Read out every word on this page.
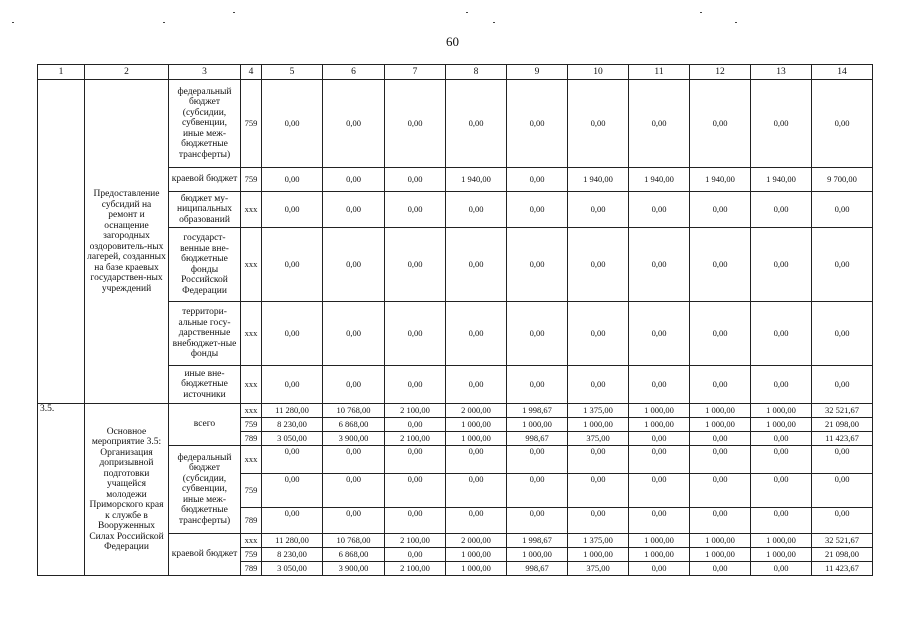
60
1	2	3	4	5	6	7	8	9	10	11	12	13	14
	Предоставление субсидий на ремонт и оснащение загородных оздоровитель-ных лагерей, созданных на базе краевых государствен-ных учреждений	федеральный бюджет (субсидии, субвенции, иные меж-бюджетные трансферты)	759	0,00	0,00	0,00	0,00	0,00	0,00	0,00	0,00	0,00	0,00
		краевой бюджет	759	0,00	0,00	0,00	1 940,00	0,00	1 940,00	1 940,00	1 940,00	1 940,00	9 700,00
		бюджет му-ниципальных образований	xxx	0,00	0,00	0,00	0,00	0,00	0,00	0,00	0,00	0,00	0,00
		государст-венные вне-бюджетные фонды Российской Федерации	xxx	0,00	0,00	0,00	0,00	0,00	0,00	0,00	0,00	0,00	0,00
		территори-альные госу-дарственные внебюджет-ные фонды	xxx	0,00	0,00	0,00	0,00	0,00	0,00	0,00	0,00	0,00	0,00
		иные вне-бюджетные источники	xxx	0,00	0,00	0,00	0,00	0,00	0,00	0,00	0,00	0,00	0,00
3.5.	Основное мероприятие 3.5: Организация допризывной подготовки учащейся молодежи Приморского края к службе в Вооруженных Силах Российской Федерации	всего	xxx	11 280,00	10 768,00	2 100,00	2 000,00	1 998,67	1 375,00	1 000,00	1 000,00	1 000,00	32 521,67
			759	8 230,00	6 868,00	0,00	1 000,00	1 000,00	1 000,00	1 000,00	1 000,00	1 000,00	21 098,00
			789	3 050,00	3 900,00	2 100,00	1 000,00	998,67	375,00	0,00	0,00	0,00	11 423,67
		федеральный бюджет (субсидии, субвенции, иные меж-бюджетные трансферты)	xxx	0,00	0,00	0,00	0,00	0,00	0,00	0,00	0,00	0,00	0,00
			759	0,00	0,00	0,00	0,00	0,00	0,00	0,00	0,00	0,00	0,00
			789	0,00	0,00	0,00	0,00	0,00	0,00	0,00	0,00	0,00	0,00
		краевой бюджет	xxx	11 280,00	10 768,00	2 100,00	2 000,00	1 998,67	1 375,00	1 000,00	1 000,00	1 000,00	32 521,67
			759	8 230,00	6 868,00	0,00	1 000,00	1 000,00	1 000,00	1 000,00	1 000,00	1 000,00	21 098,00
			789	3 050,00	3 900,00	2 100,00	1 000,00	998,67	375,00	0,00	0,00	0,00	11 423,67
